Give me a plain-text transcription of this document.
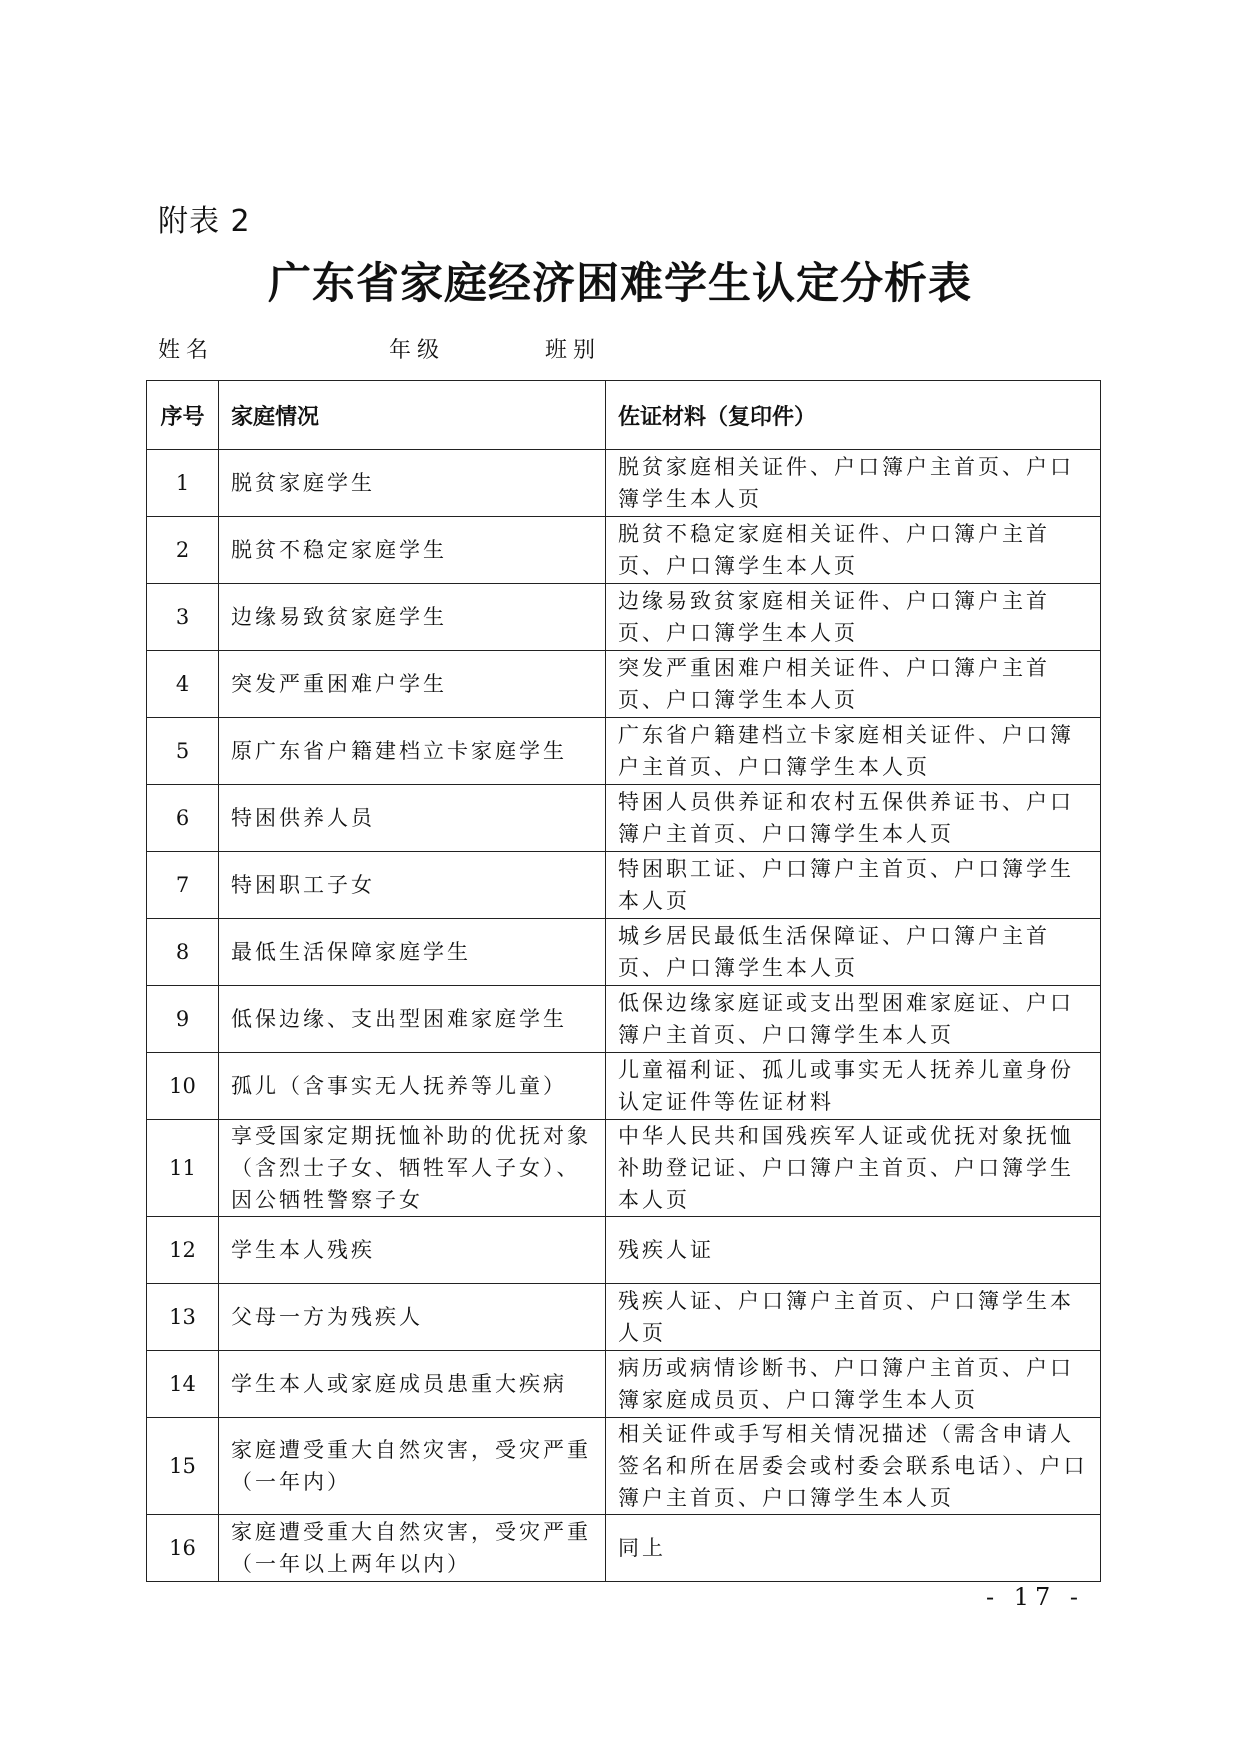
附表 2
广东省家庭经济困难学生认定分析表
姓名	年级	班别
序号	家庭情况	佐证材料（复印件）
1	脱贫家庭学生	脱贫家庭相关证件、户口簿户主首页、户口簿学生本人页
2	脱贫不稳定家庭学生	脱贫不稳定家庭相关证件、户口簿户主首页、户口簿学生本人页
3	边缘易致贫家庭学生	边缘易致贫家庭相关证件、户口簿户主首页、户口簿学生本人页
4	突发严重困难户学生	突发严重困难户相关证件、户口簿户主首页、户口簿学生本人页
5	原广东省户籍建档立卡家庭学生	广东省户籍建档立卡家庭相关证件、户口簿户主首页、户口簿学生本人页
6	特困供养人员	特困人员供养证和农村五保供养证书、户口簿户主首页、户口簿学生本人页
7	特困职工子女	特困职工证、户口簿户主首页、户口簿学生本人页
8	最低生活保障家庭学生	城乡居民最低生活保障证、户口簿户主首页、户口簿学生本人页
9	低保边缘、支出型困难家庭学生	低保边缘家庭证或支出型困难家庭证、户口簿户主首页、户口簿学生本人页
10	孤儿（含事实无人抚养等儿童）	儿童福利证、孤儿或事实无人抚养儿童身份认定证件等佐证材料
11	享受国家定期抚恤补助的优抚对象（含烈士子女、牺牲军人子女）、因公牺牲警察子女	中华人民共和国残疾军人证或优抚对象抚恤补助登记证、户口簿户主首页、户口簿学生本人页
12	学生本人残疾	残疾人证
13	父母一方为残疾人	残疾人证、户口簿户主首页、户口簿学生本人页
14	学生本人或家庭成员患重大疾病	病历或病情诊断书、户口簿户主首页、户口簿家庭成员页、户口簿学生本人页
15	家庭遭受重大自然灾害，受灾严重（一年内）	相关证件或手写相关情况描述（需含申请人签名和所在居委会或村委会联系电话）、户口簿户主首页、户口簿学生本人页
16	家庭遭受重大自然灾害，受灾严重（一年以上两年以内）	同上
- 17 -
